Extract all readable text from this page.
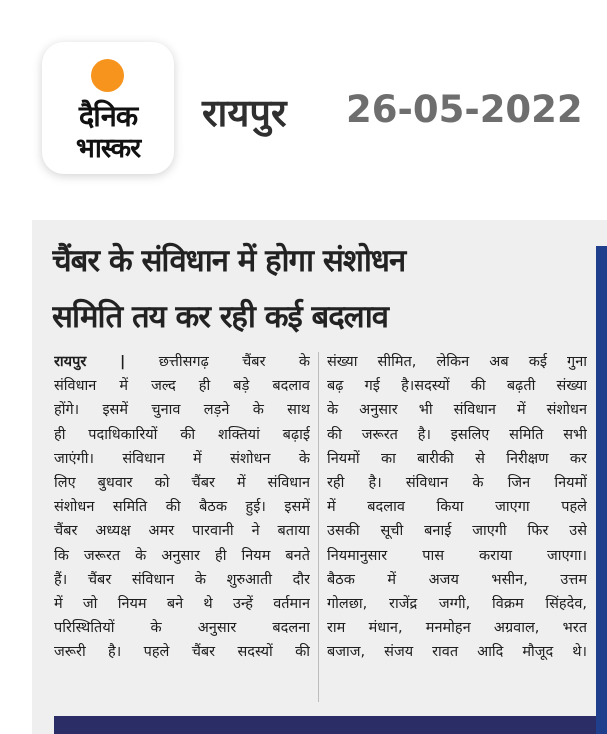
दैनिक
भास्कर
रायपुर 26-05-2022
चैंबर के संविधान में होगा संशोधन
समिति तय कर रही कई बदलाव
रायपुर | छत्तीसगढ़ चैंबर के
संविधान में जल्द ही बड़े बदलाव
होंगे। इसमें चुनाव लड़ने के साथ
ही पदाधिकारियों की शक्तियां बढ़ाई
जाएंगी। संविधान में संशोधन के
लिए बुधवार को चैंबर में संविधान
संशोधन समिति की बैठक हुई। इसमें
चैंबर अध्यक्ष अमर पारवानी ने बताया
कि जरूरत के अनुसार ही नियम बनते
हैं। चैंबर संविधान के शुरुआती दौर
में जो नियम बने थे उन्हें वर्तमान
परिस्थितियों के अनुसार बदलना
जरूरी है। पहले चैंबर सदस्यों की
संख्या सीमित, लेकिन अब कई गुना
बढ़ गई है।सदस्यों की बढ़ती संख्या
के अनुसार भी संविधान में संशोधन
की जरूरत है। इसलिए समिति सभी
नियमों का बारीकी से निरीक्षण कर
रही है। संविधान के जिन नियमों
में बदलाव किया जाएगा पहले
उसकी सूची बनाई जाएगी फिर उसे
नियमानुसार पास कराया जाएगा।
बैठक में अजय भसीन, उत्तम
गोलछा, राजेंद्र जग्गी, विक्रम सिंहदेव,
राम मंधान, मनमोहन अग्रवाल, भरत
बजाज, संजय रावत आदि मौजूद थे।
